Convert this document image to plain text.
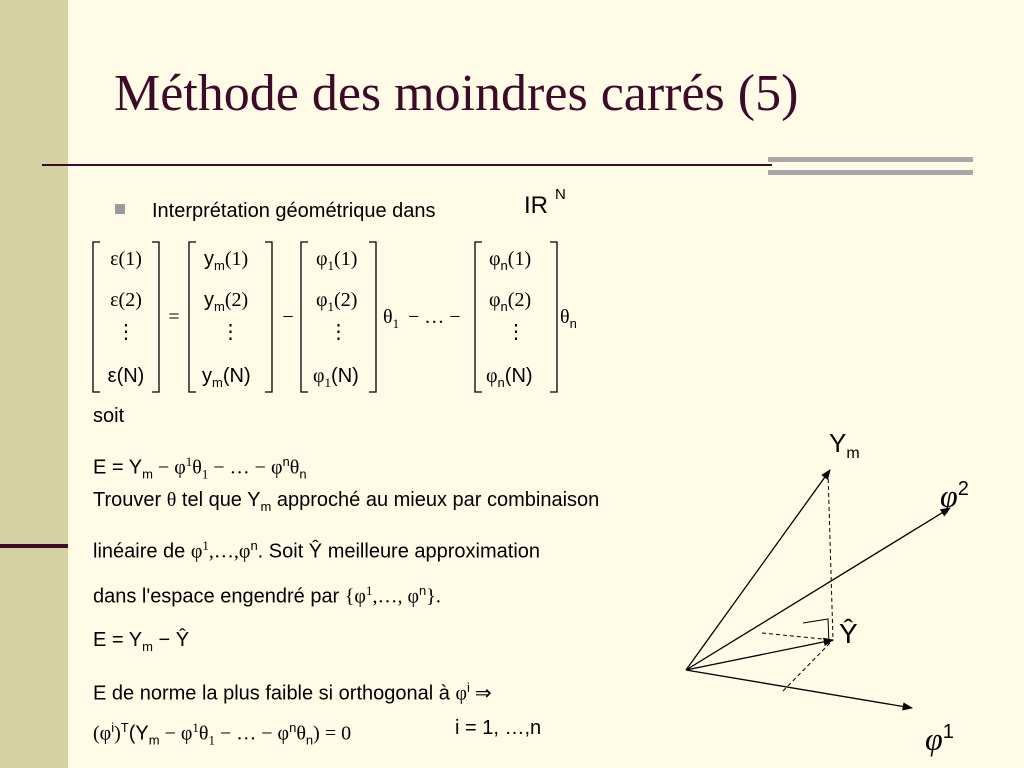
Méthode des moindres carrés (5)
Interprétation géométrique dans	IR N
ε(1)
ε(2)
⋮
ε(N)
=
$y_m(1)$
$y_m(2)$
⋮
$y_m(N)$
−
$\varphi_1(1)$
$\varphi_1(2)$
⋮
$\varphi_1(N)$
$\theta_1$ − … −
$\varphi_n(1)$
$\varphi_n(2)$
⋮
$\varphi_n(N)$
$\theta_n$
soit
$E = Y_m - \varphi^1\theta_1$ − … − $\varphi^n\theta_n$
Trouver θ tel que $Y_m$ approché au mieux par combinaison
linéaire de $\varphi^1,\dots,\varphi^n$. Soit Ŷ meilleure approximation
dans l'espace engendré par {$\varphi^1,\dots$, $\varphi^n$}.
$E = Y_m$ − Ŷ
E de norme la plus faible si orthogonal à $\varphi^i$ ⇒
$(\varphi^i)^T(Y_m - \varphi^1\theta_1$ − … − $\varphi^n\theta_n) = 0$	i = 1, …,n
$Y_m$
$\varphi^2$
Ŷ
$\varphi^1$
